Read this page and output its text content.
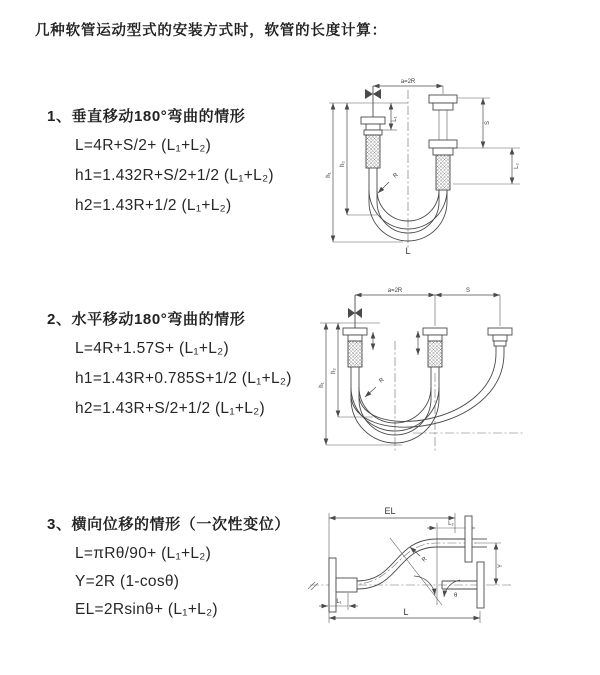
几种软管运动型式的安装方式时，软管的长度计算：
1、垂直移动180°弯曲的情形

L=4R+S/2+ (L₁+L₂)

h1=1.432R+S/2+1/2 (L₁+L₂)

h2=1.43R+1/2 (L₁+L₂)

2、水平移动180°弯曲的情形

L=4R+1.57S+ (L₁+L₂)

h1=1.43R+0.785S+1/2 (L₁+L₂)

h2=1.43R+S/2+1/2 (L₁+L₂)

3、横向位移的情形（一次性变位）

L=πRθ/90+ (L₁+L₂)

Y=2R (1-cosθ)

EL=2Rsinθ+ (L₁+L₂)

a=2R
L₁
S
L₂
h₁
h₂
R
L
a=2R	S
h₁
h₂
R
EL
L₂
θ
R
Y
L₁
L
